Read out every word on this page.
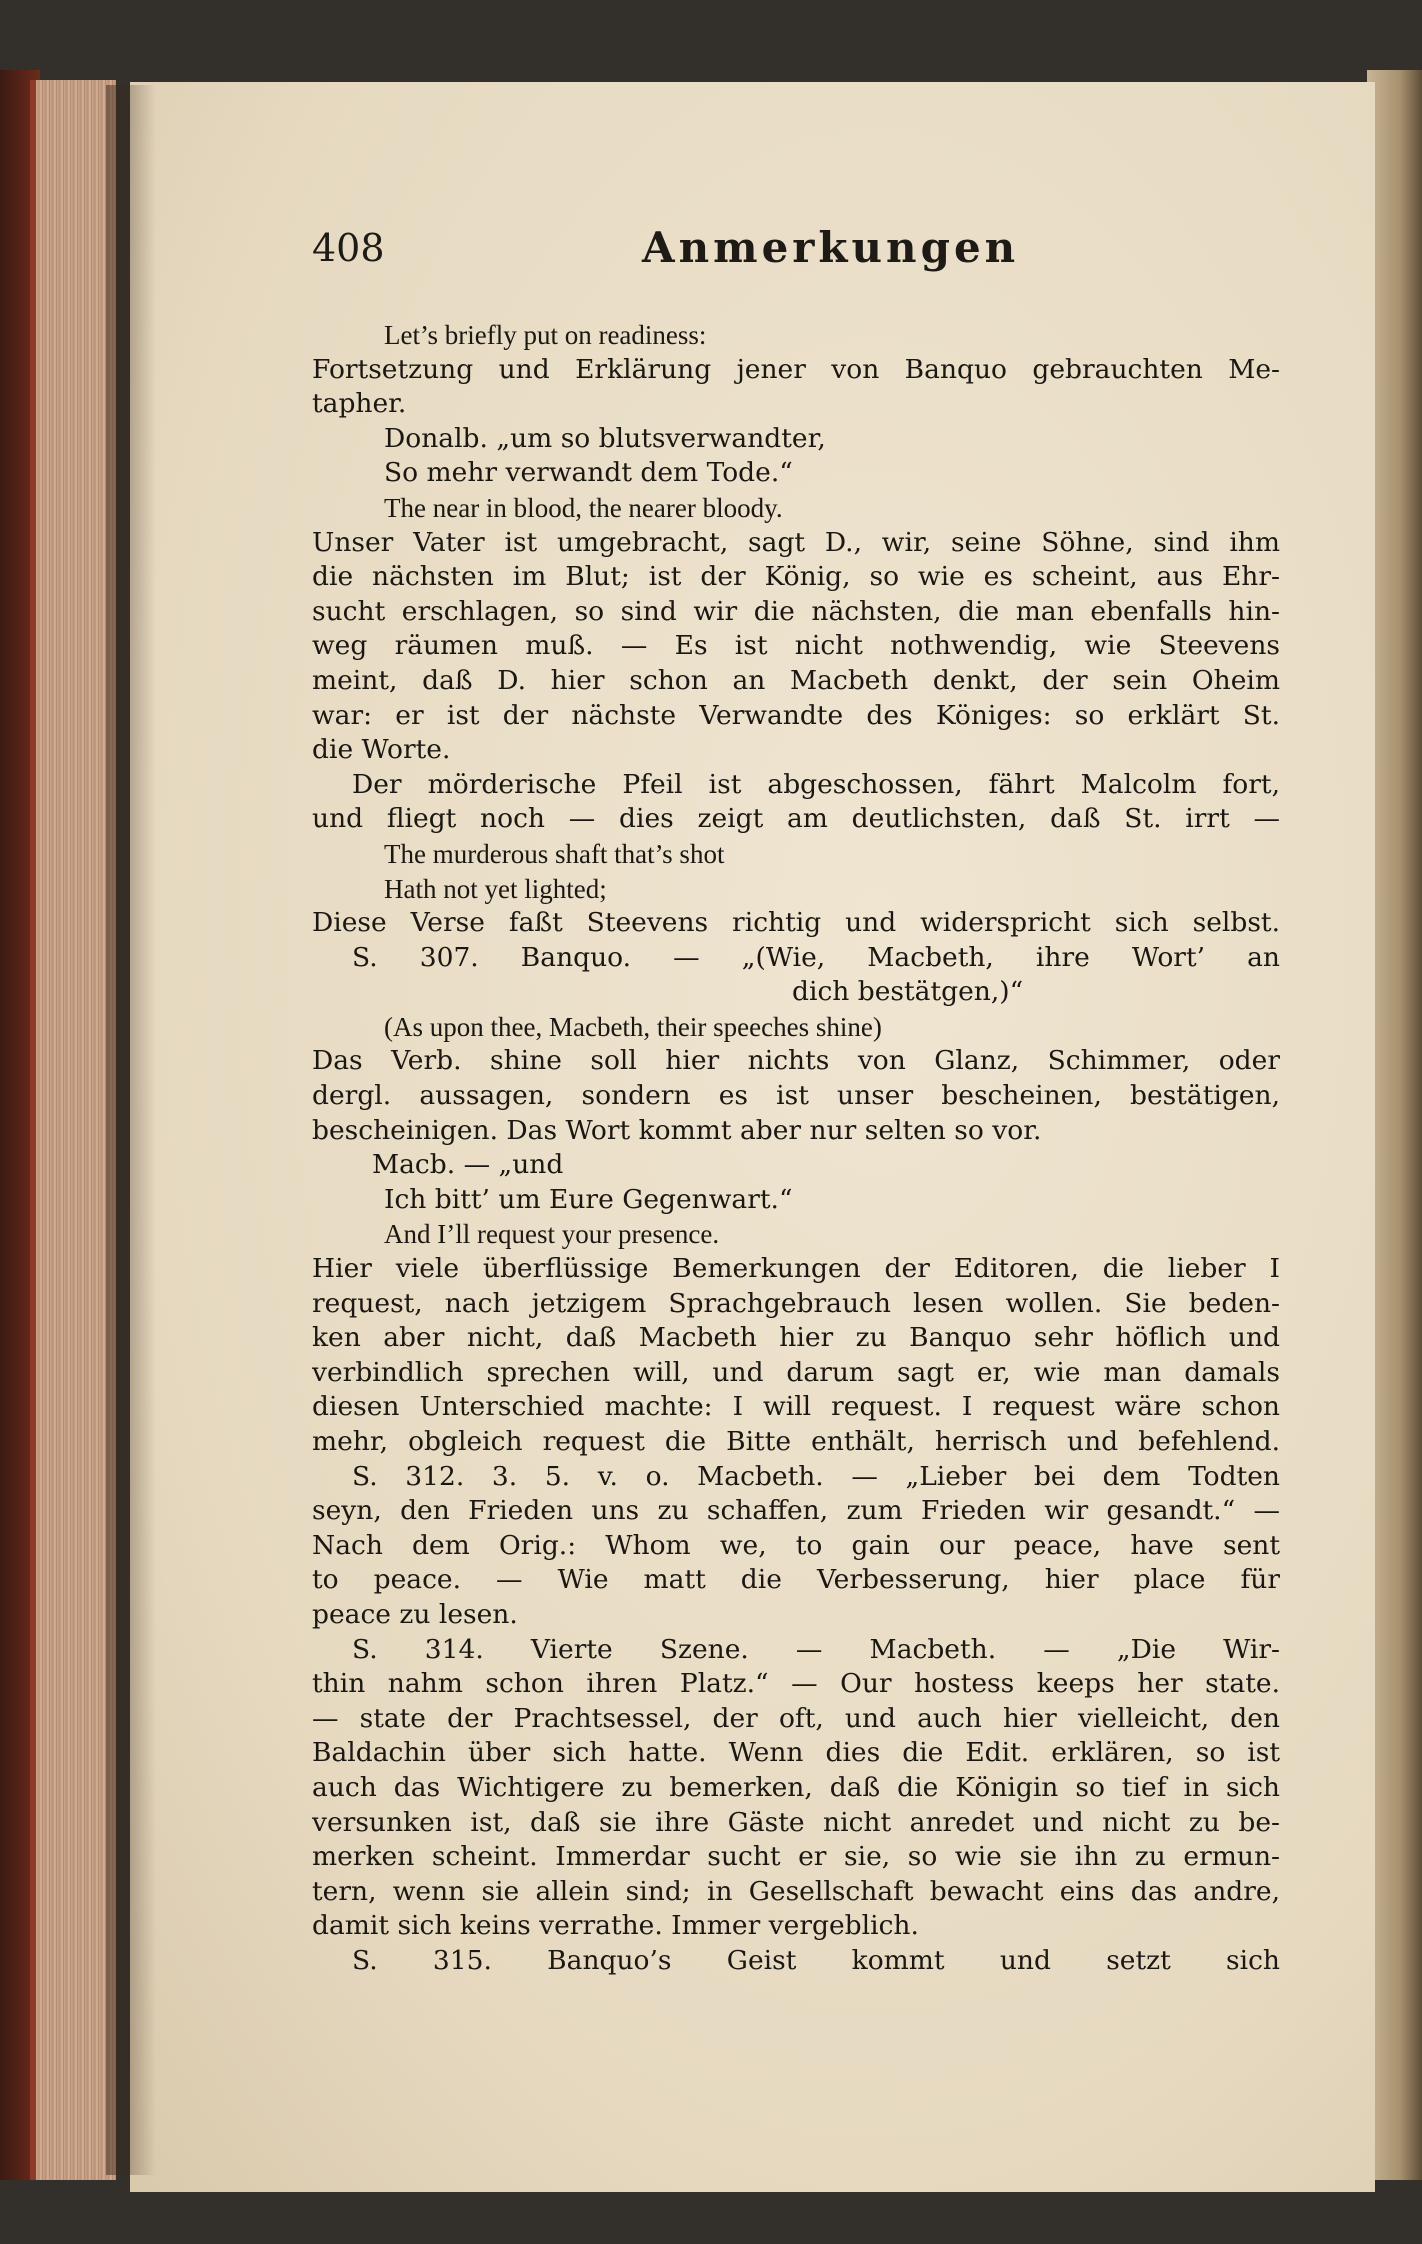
408	Anmerkungen
Let’s briefly put on readiness:
Fortsetzung und Erklärung jener von Banquo gebrauchten Me-
tapher.
Donalb. „um so blutsverwandter,
So mehr verwandt dem Tode.“
The near in blood, the nearer bloody.
Unser Vater ist umgebracht, sagt D., wir, seine Söhne, sind ihm
die nächsten im Blut; ist der König, so wie es scheint, aus Ehr-
sucht erschlagen, so sind wir die nächsten, die man ebenfalls hin-
weg räumen muß. — Es ist nicht nothwendig, wie Steevens
meint, daß D. hier schon an Macbeth denkt, der sein Oheim
war: er ist der nächste Verwandte des Königes: so erklärt St.
die Worte.
Der mörderische Pfeil ist abgeschossen, fährt Malcolm fort,
und fliegt noch — dies zeigt am deutlichsten, daß St. irrt —
The murderous shaft that’s shot
Hath not yet lighted;
Diese Verse faßt Steevens richtig und widerspricht sich selbst.
S. 307. Banquo. — „(Wie, Macbeth, ihre Wort’ an
dich bestätgen,)“
(As upon thee, Macbeth, their speeches shine)
Das Verb. shine soll hier nichts von Glanz, Schimmer, oder
dergl. aussagen, sondern es ist unser bescheinen, bestätigen,
bescheinigen. Das Wort kommt aber nur selten so vor.
Macb. — „und
Ich bitt’ um Eure Gegenwart.“
And I’ll request your presence.
Hier viele überflüssige Bemerkungen der Editoren, die lieber I
request, nach jetzigem Sprachgebrauch lesen wollen. Sie beden-
ken aber nicht, daß Macbeth hier zu Banquo sehr höflich und
verbindlich sprechen will, und darum sagt er, wie man damals
diesen Unterschied machte: I will request. I request wäre schon
mehr, obgleich request die Bitte enthält, herrisch und befehlend.
S. 312. 3. 5. v. o. Macbeth. — „Lieber bei dem Todten
seyn, den Frieden uns zu schaffen, zum Frieden wir gesandt.“ —
Nach dem Orig.: Whom we, to gain our peace, have sent
to peace. — Wie matt die Verbesserung, hier place für
peace zu lesen.
S. 314. Vierte Szene. — Macbeth. — „Die Wir-
thin nahm schon ihren Platz.“ — Our hostess keeps her state.
— state der Prachtsessel, der oft, und auch hier vielleicht, den
Baldachin über sich hatte. Wenn dies die Edit. erklären, so ist
auch das Wichtigere zu bemerken, daß die Königin so tief in sich
versunken ist, daß sie ihre Gäste nicht anredet und nicht zu be-
merken scheint. Immerdar sucht er sie, so wie sie ihn zu ermun-
tern, wenn sie allein sind; in Gesellschaft bewacht eins das andre,
damit sich keins verrathe. Immer vergeblich.
S. 315. Banquo’s Geist kommt und setzt sich
